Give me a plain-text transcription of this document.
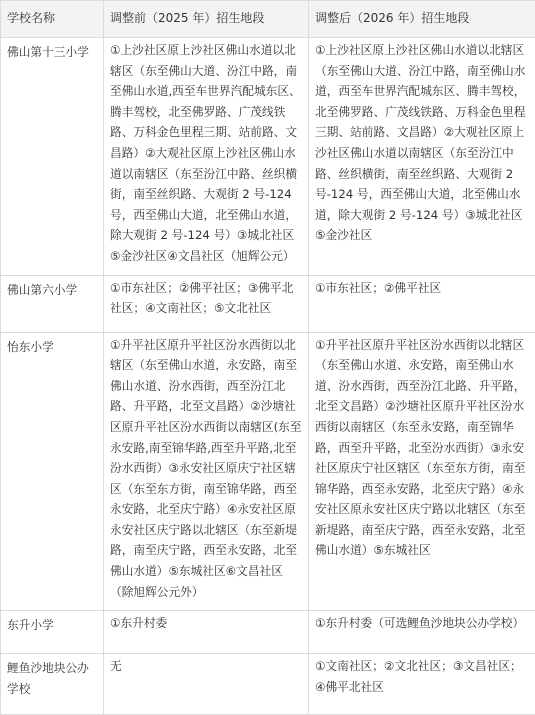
学校名称	调整前（2025 年）招生地段	调整后（2026 年）招生地段

佛山第十三小学	①上沙社区原上沙社区佛山水道以北辖区（东至佛山大道、汾江中路，南至佛山水道,西至车世界汽配城东区、腾丰驾校，北至佛罗路、广茂线铁路、万科金色里程三期、站前路、文昌路）②大观社区原上沙社区佛山水道以南辖区（东至汾江中路、丝织横街，南至丝织路、大观街 2 号-124 号，西至佛山大道，北至佛山水道，除大观街 2 号-124 号）③城北社区⑤金沙社区④文昌社区（旭辉公元）	①上沙社区原上沙社区佛山水道以北辖区（东至佛山大道、汾江中路，南至佛山水道，西至车世界汽配城东区、腾丰驾校，北至佛罗路、广茂线铁路、万科金色里程三期、站前路、文昌路）②大观社区原上沙社区佛山水道以南辖区（东至汾江中路、丝织横街，南至丝织路、大观街 2 号-124 号，西至佛山大道，北至佛山水道，除大观街 2 号-124 号）③城北社区⑤金沙社区

佛山第六小学	①市东社区；②佛平社区；③佛平北社区；④文南社区；⑤文北社区	①市东社区；②佛平社区

怡东小学	①升平社区原升平社区汾水西街以北辖区（东至佛山水道，永安路，南至佛山水道、汾水西街，西至汾江北路、升平路，北至文昌路）②沙塘社区原升平社区汾水西街以南辖区(东至永安路,南至锦华路,西至升平路,北至汾水西街）③永安社区原庆宁社区辖区（东至东方街，南至锦华路，西至永安路，北至庆宁路）④永安社区原永安社区庆宁路以北辖区（东至新堤路，南至庆宁路，西至永安路，北至佛山水道）⑤东城社区⑥文昌社区（除旭辉公元外）	①升平社区原升平社区汾水西街以北辖区（东至佛山水道、永安路，南至佛山水道、汾水西街，西至汾江北路、升平路，北至文昌路）②沙塘社区原升平社区汾水西街以南辖区（东至永安路，南至锦华路，西至升平路，北至汾水西街）③永安社区原庆宁社区辖区（东至东方街，南至锦华路，西至永安路，北至庆宁路）④永安社区原永安社区庆宁路以北辖区（东至新堤路，南至庆宁路，西至永安路，北至佛山水道）⑤东城社区

东升小学	①东升村委	①东升村委（可选鲤鱼沙地块公办学校）

鲤鱼沙地块公办学校	无	①文南社区；②文北社区；③文昌社区；④佛平北社区
